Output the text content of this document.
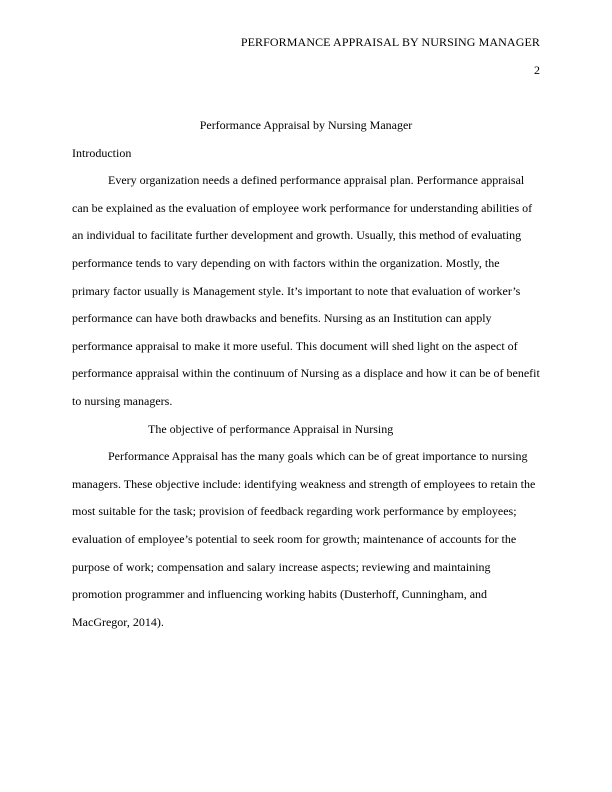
PERFORMANCE APPRAISAL BY NURSING MANAGER
2

Performance Appraisal by Nursing Manager

Introduction

Every organization needs a defined performance appraisal plan. Performance appraisal can be explained as the evaluation of employee work performance for understanding abilities of an individual to facilitate further development and growth. Usually, this method of evaluating performance tends to vary depending on with factors within the organization. Mostly, the primary factor usually is Management style. It’s important to note that evaluation of worker’s performance can have both drawbacks and benefits. Nursing as an Institution can apply performance appraisal to make it more useful. This document will shed light on the aspect of performance appraisal within the continuum of Nursing as a displace and how it can be of benefit to nursing managers.

The objective of performance Appraisal in Nursing

Performance Appraisal has the many goals which can be of great importance to nursing managers. These objective include: identifying weakness and strength of employees to retain the most suitable for the task; provision of feedback regarding work performance by employees; evaluation of employee’s potential to seek room for growth; maintenance of accounts for the purpose of work; compensation and salary increase aspects; reviewing and maintaining promotion programmer and influencing working habits (Dusterhoff, Cunningham, and MacGregor, 2014).
